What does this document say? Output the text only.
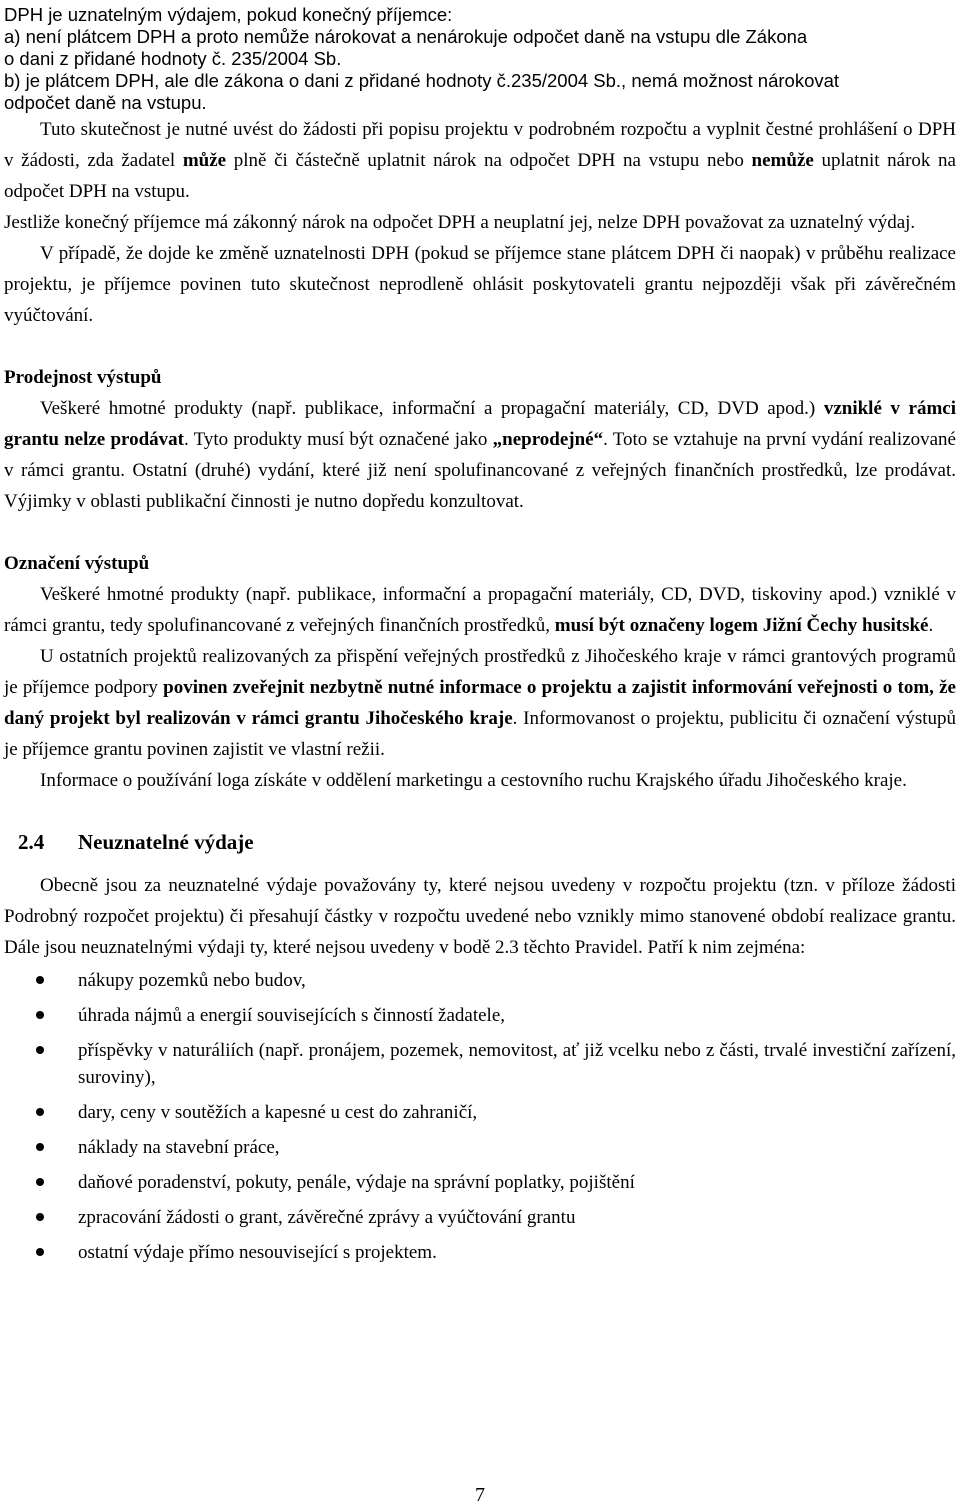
DPH je uznatelným výdajem, pokud konečný příjemce:
a) není plátcem DPH a proto nemůže nárokovat a nenárokuje odpočet daně na vstupu dle Zákona
o dani z přidané hodnoty č. 235/2004 Sb.
b) je plátcem DPH, ale dle zákona o dani z přidané hodnoty č.235/2004 Sb., nemá možnost nárokovat
odpočet daně na vstupu.

Tuto skutečnost je nutné uvést do žádosti při popisu projektu v podrobném rozpočtu a vyplnit čestné prohlášení o DPH v žádosti, zda žadatel může plně či částečně uplatnit nárok na odpočet DPH na vstupu nebo nemůže uplatnit nárok na odpočet DPH na vstupu.

Jestliže konečný příjemce má zákonný nárok na odpočet DPH a neuplatní jej, nelze DPH považovat za uznatelný výdaj.

V případě, že dojde ke změně uznatelnosti DPH (pokud se příjemce stane plátcem DPH či naopak) v průběhu realizace projektu, je příjemce povinen tuto skutečnost neprodleně ohlásit poskytovateli grantu nejpozději však při závěrečném vyúčtování.

Prodejnost výstupů

Veškeré hmotné produkty (např. publikace, informační a propagační materiály, CD, DVD apod.) vzniklé v rámci grantu nelze prodávat. Tyto produkty musí být označené jako „neprodejné“. Toto se vztahuje na první vydání realizované v rámci grantu. Ostatní (druhé) vydání, které již není spolufinancované z veřejných finančních prostředků, lze prodávat. Výjimky v oblasti publikační činnosti je nutno dopředu konzultovat.

Označení výstupů

Veškeré hmotné produkty (např. publikace, informační a propagační materiály, CD, DVD, tiskoviny apod.) vzniklé v rámci grantu, tedy spolufinancované z veřejných finančních prostředků, musí být označeny logem Jižní Čechy husitské.

U ostatních projektů realizovaných za přispění veřejných prostředků z Jihočeského kraje v rámci grantových programů je příjemce podpory povinen zveřejnit nezbytně nutné informace o projektu a zajistit informování veřejnosti o tom, že daný projekt byl realizován v rámci grantu Jihočeského kraje. Informovanost o projektu, publicitu či označení výstupů je příjemce grantu povinen zajistit ve vlastní režii.

Informace o používání loga získáte v oddělení marketingu a cestovního ruchu Krajského úřadu Jihočeského kraje.

2.4 Neuznatelné výdaje

Obecně jsou za neuznatelné výdaje považovány ty, které nejsou uvedeny v rozpočtu projektu (tzn. v příloze žádosti Podrobný rozpočet projektu) či přesahují částky v rozpočtu uvedené nebo vznikly mimo stanovené období realizace grantu. Dále jsou neuznatelnými výdaji ty, které nejsou uvedeny v bodě 2.3 těchto Pravidel. Patří k nim zejména:

nákupy pozemků nebo budov,
úhrada nájmů a energií souvisejících s činností žadatele,
příspěvky v naturáliích (např. pronájem, pozemek, nemovitost, ať již vcelku nebo z části, trvalé investiční zařízení, suroviny),
dary, ceny v soutěžích a kapesné u cest do zahraničí,
náklady na stavební práce,
daňové poradenství, pokuty, penále, výdaje na správní poplatky, pojištění
zpracování žádosti o grant, závěrečné zprávy a vyúčtování grantu
ostatní výdaje přímo nesouvisející s projektem.
7
